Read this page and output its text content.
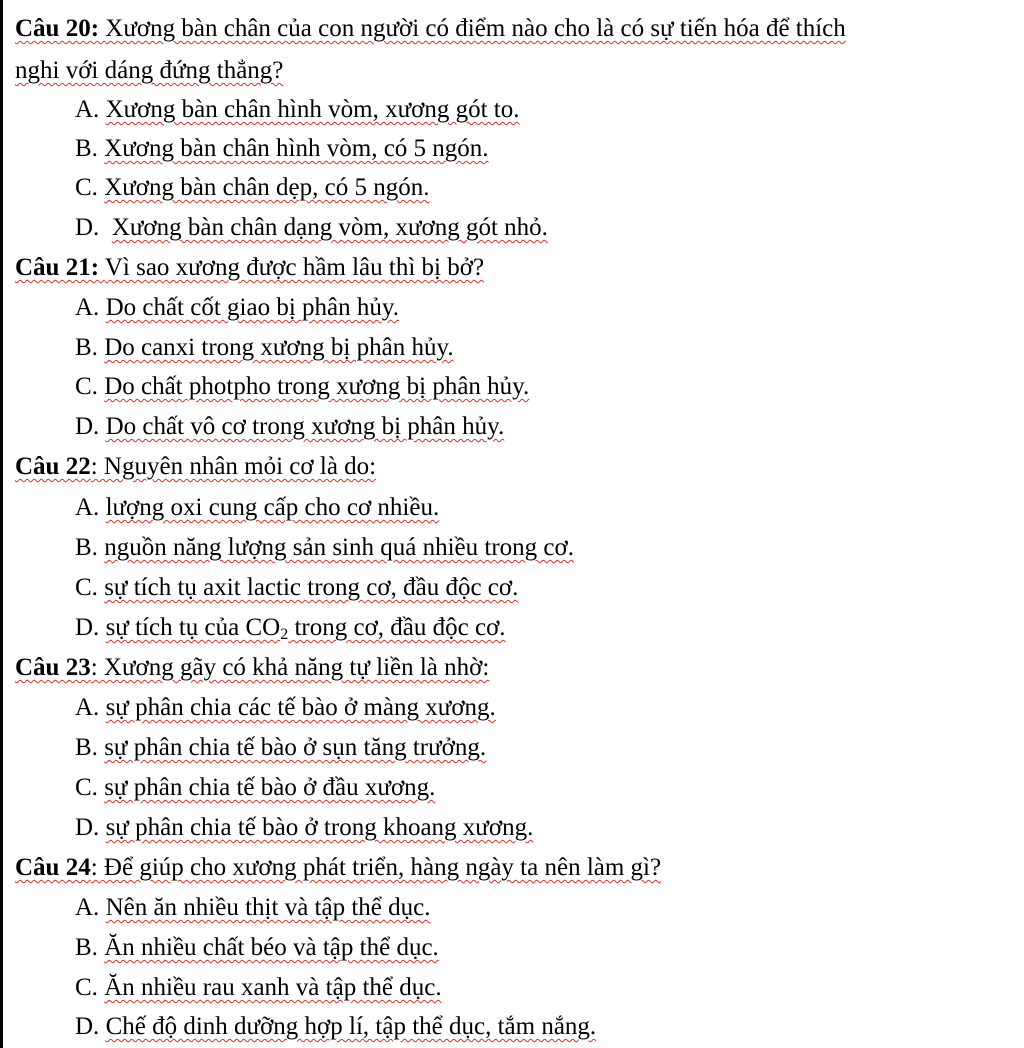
Câu 20: Xương bàn chân của con người có điểm nào cho là có sự tiến hóa để thích
nghi với dáng đứng thẳng?
A. Xương bàn chân hình vòm, xương gót to.
B. Xương bàn chân hình vòm, có 5 ngón.
C. Xương bàn chân dẹp, có 5 ngón.
D. Xương bàn chân dạng vòm, xương gót nhỏ.
Câu 21: Vì sao xương được hầm lâu thì bị bở?
A. Do chất cốt giao bị phân hủy.
B. Do canxi trong xương bị phân hủy.
C. Do chất photpho trong xương bị phân hủy.
D. Do chất vô cơ trong xương bị phân hủy.
Câu 22: Nguyên nhân mỏi cơ là do:
A. lượng oxi cung cấp cho cơ nhiều.
B. nguồn năng lượng sản sinh quá nhiều trong cơ.
C. sự tích tụ axit lactic trong cơ, đầu độc cơ.
D. sự tích tụ của $CO_2$ trong cơ, đầu độc cơ.
Câu 23: Xương gãy có khả năng tự liền là nhờ:
A. sự phân chia các tế bào ở màng xương.
B. sự phân chia tế bào ở sụn tăng trưởng.
C. sự phân chia tế bào ở đầu xương.
D. sự phân chia tế bào ở trong khoang xương.
Câu 24: Để giúp cho xương phát triển, hàng ngày ta nên làm gì?
A. Nên ăn nhiều thịt và tập thể dục.
B. Ăn nhiều chất béo và tập thể dục.
C. Ăn nhiều rau xanh và tập thể dục.
D. Chế độ dinh dưỡng hợp lí, tập thể dục, tắm nắng.
